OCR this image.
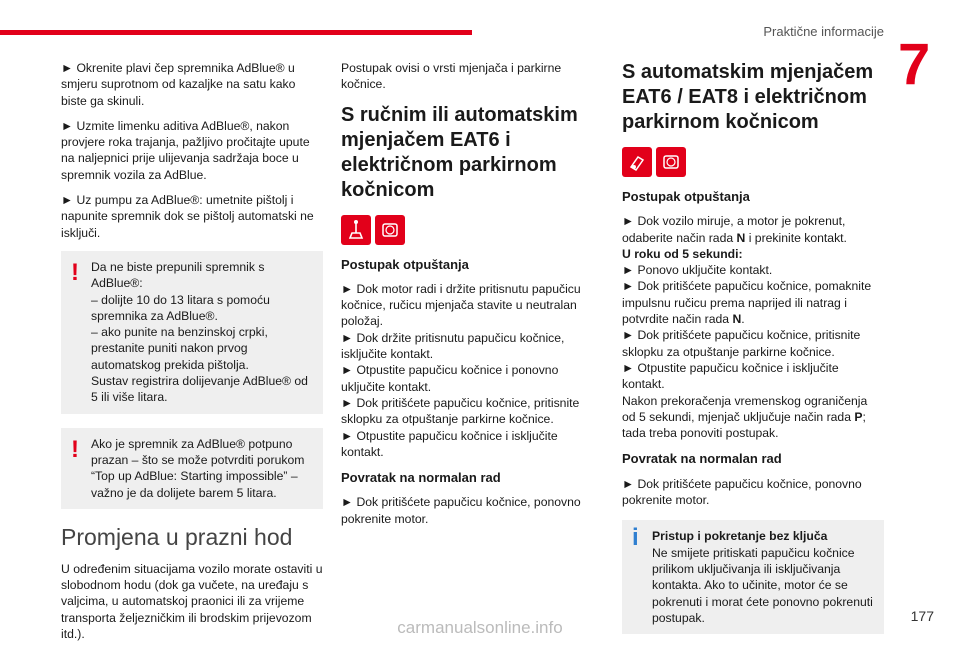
Praktične informacije
7

► Okrenite plavi čep spremnika AdBlue® u smjeru suprotnom od kazaljke na satu kako biste ga skinuli.

► Uzmite limenku aditiva AdBlue®, nakon provjere roka trajanja, pažljivo pročitajte upute na naljepnici prije ulijevanja sadržaja boce u spremnik vozila za AdBlue.

► Uz pumpu za AdBlue®: umetnite pištolj i napunite spremnik dok se pištolj automatski ne isključi.

! Da ne biste prepunili spremnik s AdBlue®:
– dolijte 10 do 13 litara s pomoću spremnika za AdBlue®.
– ako punite na benzinskoj crpki, prestanite puniti nakon prvog automatskog prekida pištolja.
Sustav registrira dolijevanje AdBlue® od 5 ili više litara.
! Ako je spremnik za AdBlue® potpuno prazan – što se može potvrditi porukom “Top up AdBlue: Starting impossible” – važno je da dolijete barem 5 litara.
Promjena u prazni hod

U određenim situacijama vozilo morate ostaviti u slobodnom hodu (dok ga vučete, na uređaju s valjcima, u automatskoj praonici ili za vrijeme transporta željezničkim ili brodskim prijevozom itd.).

Postupak ovisi o vrsti mjenjača i parkirne kočnice.

S ručnim ili automatskim mjenjačem EAT6 i električnom parkirnom kočnicom
Postupak otpuštanja

► Dok motor radi i držite pritisnutu papučicu kočnice, ručicu mjenjača stavite u neutralan položaj.

► Dok držite pritisnutu papučicu kočnice, isključite kontakt.

► Otpustite papučicu kočnice i ponovno uključite kontakt.

► Dok pritišćete papučicu kočnice, pritisnite sklopku za otpuštanje parkirne kočnice.

► Otpustite papučicu kočnice i isključite kontakt.

Povratak na normalan rad

► Dok pritišćete papučicu kočnice, ponovno pokrenite motor.

S automatskim mjenjačem EAT6 / EAT8 i električnom parkirnom kočnicom
Postupak otpuštanja

► Dok vozilo miruje, a motor je pokrenut, odaberite način rada N i prekinite kontakt.

U roku od 5 sekundi:

► Ponovo uključite kontakt.

► Dok pritišćete papučicu kočnice, pomaknite impulsnu ručicu prema naprijed ili natrag i potvrdite način rada N.

► Dok pritišćete papučicu kočnice, pritisnite sklopku za otpuštanje parkirne kočnice.

► Otpustite papučicu kočnice i isključite kontakt.

Nakon prekoračenja vremenskog ograničenja od 5 sekundi, mjenjač uključuje način rada P; tada treba ponoviti postupak.

Povratak na normalan rad

► Dok pritišćete papučicu kočnice, ponovno pokrenite motor.

i Pristup i pokretanje bez ključa
Ne smijete pritiskati papučicu kočnice prilikom uključivanja ili isključivanja kontakta. Ako to učinite, motor će se pokrenuti i morat ćete ponovno pokrenuti postupak.	177
carmanualsonline.info
